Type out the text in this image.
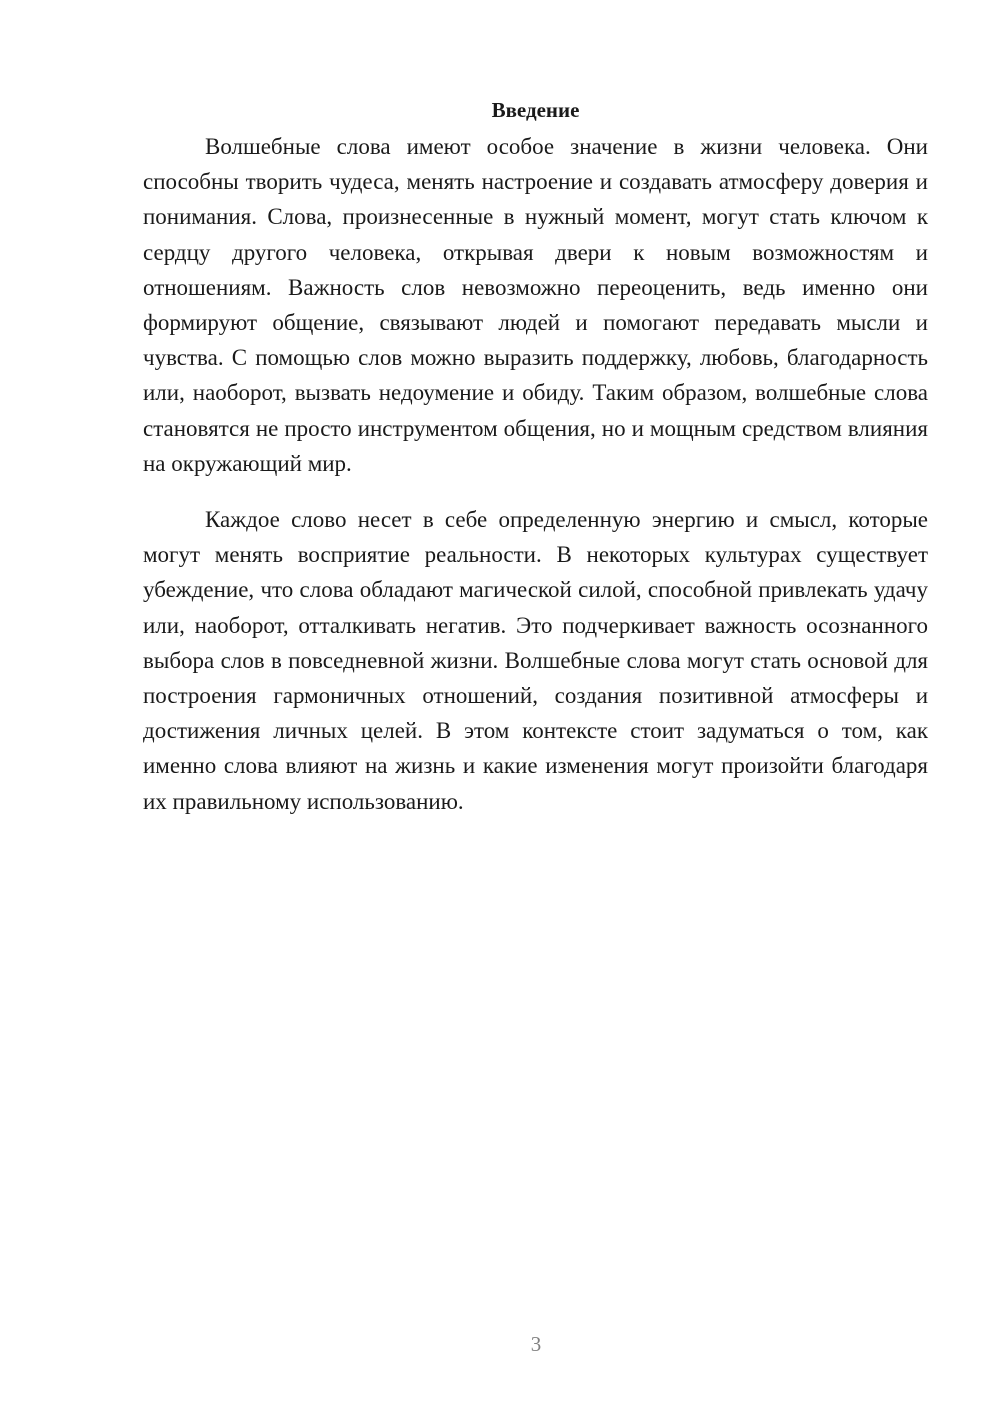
Введение

Волшебные слова имеют особое значение в жизни человека. Они способны творить чудеса, менять настроение и создавать атмосферу доверия и понимания. Слова, произнесенные в нужный момент, могут стать ключом к сердцу другого человека, открывая двери к новым возможностям и отношениям. Важность слов невозможно переоценить, ведь именно они формируют общение, связывают людей и помогают передавать мысли и чувства. С помощью слов можно выразить поддержку, любовь, благодарность или, наоборот, вызвать недоумение и обиду. Таким образом, волшебные слова становятся не просто инструментом общения, но и мощным средством влияния на окружающий мир.

Каждое слово несет в себе определенную энергию и смысл, которые могут менять восприятие реальности. В некоторых культурах существует убеждение, что слова обладают магической силой, способной привлекать удачу или, наоборот, отталкивать негатив. Это подчеркивает важность осознанного выбора слов в повседневной жизни. Волшебные слова могут стать основой для построения гармоничных отношений, создания позитивной атмосферы и достижения личных целей. В этом контексте стоит задуматься о том, как именно слова влияют на жизнь и какие изменения могут произойти благодаря их правильному использованию.

3
